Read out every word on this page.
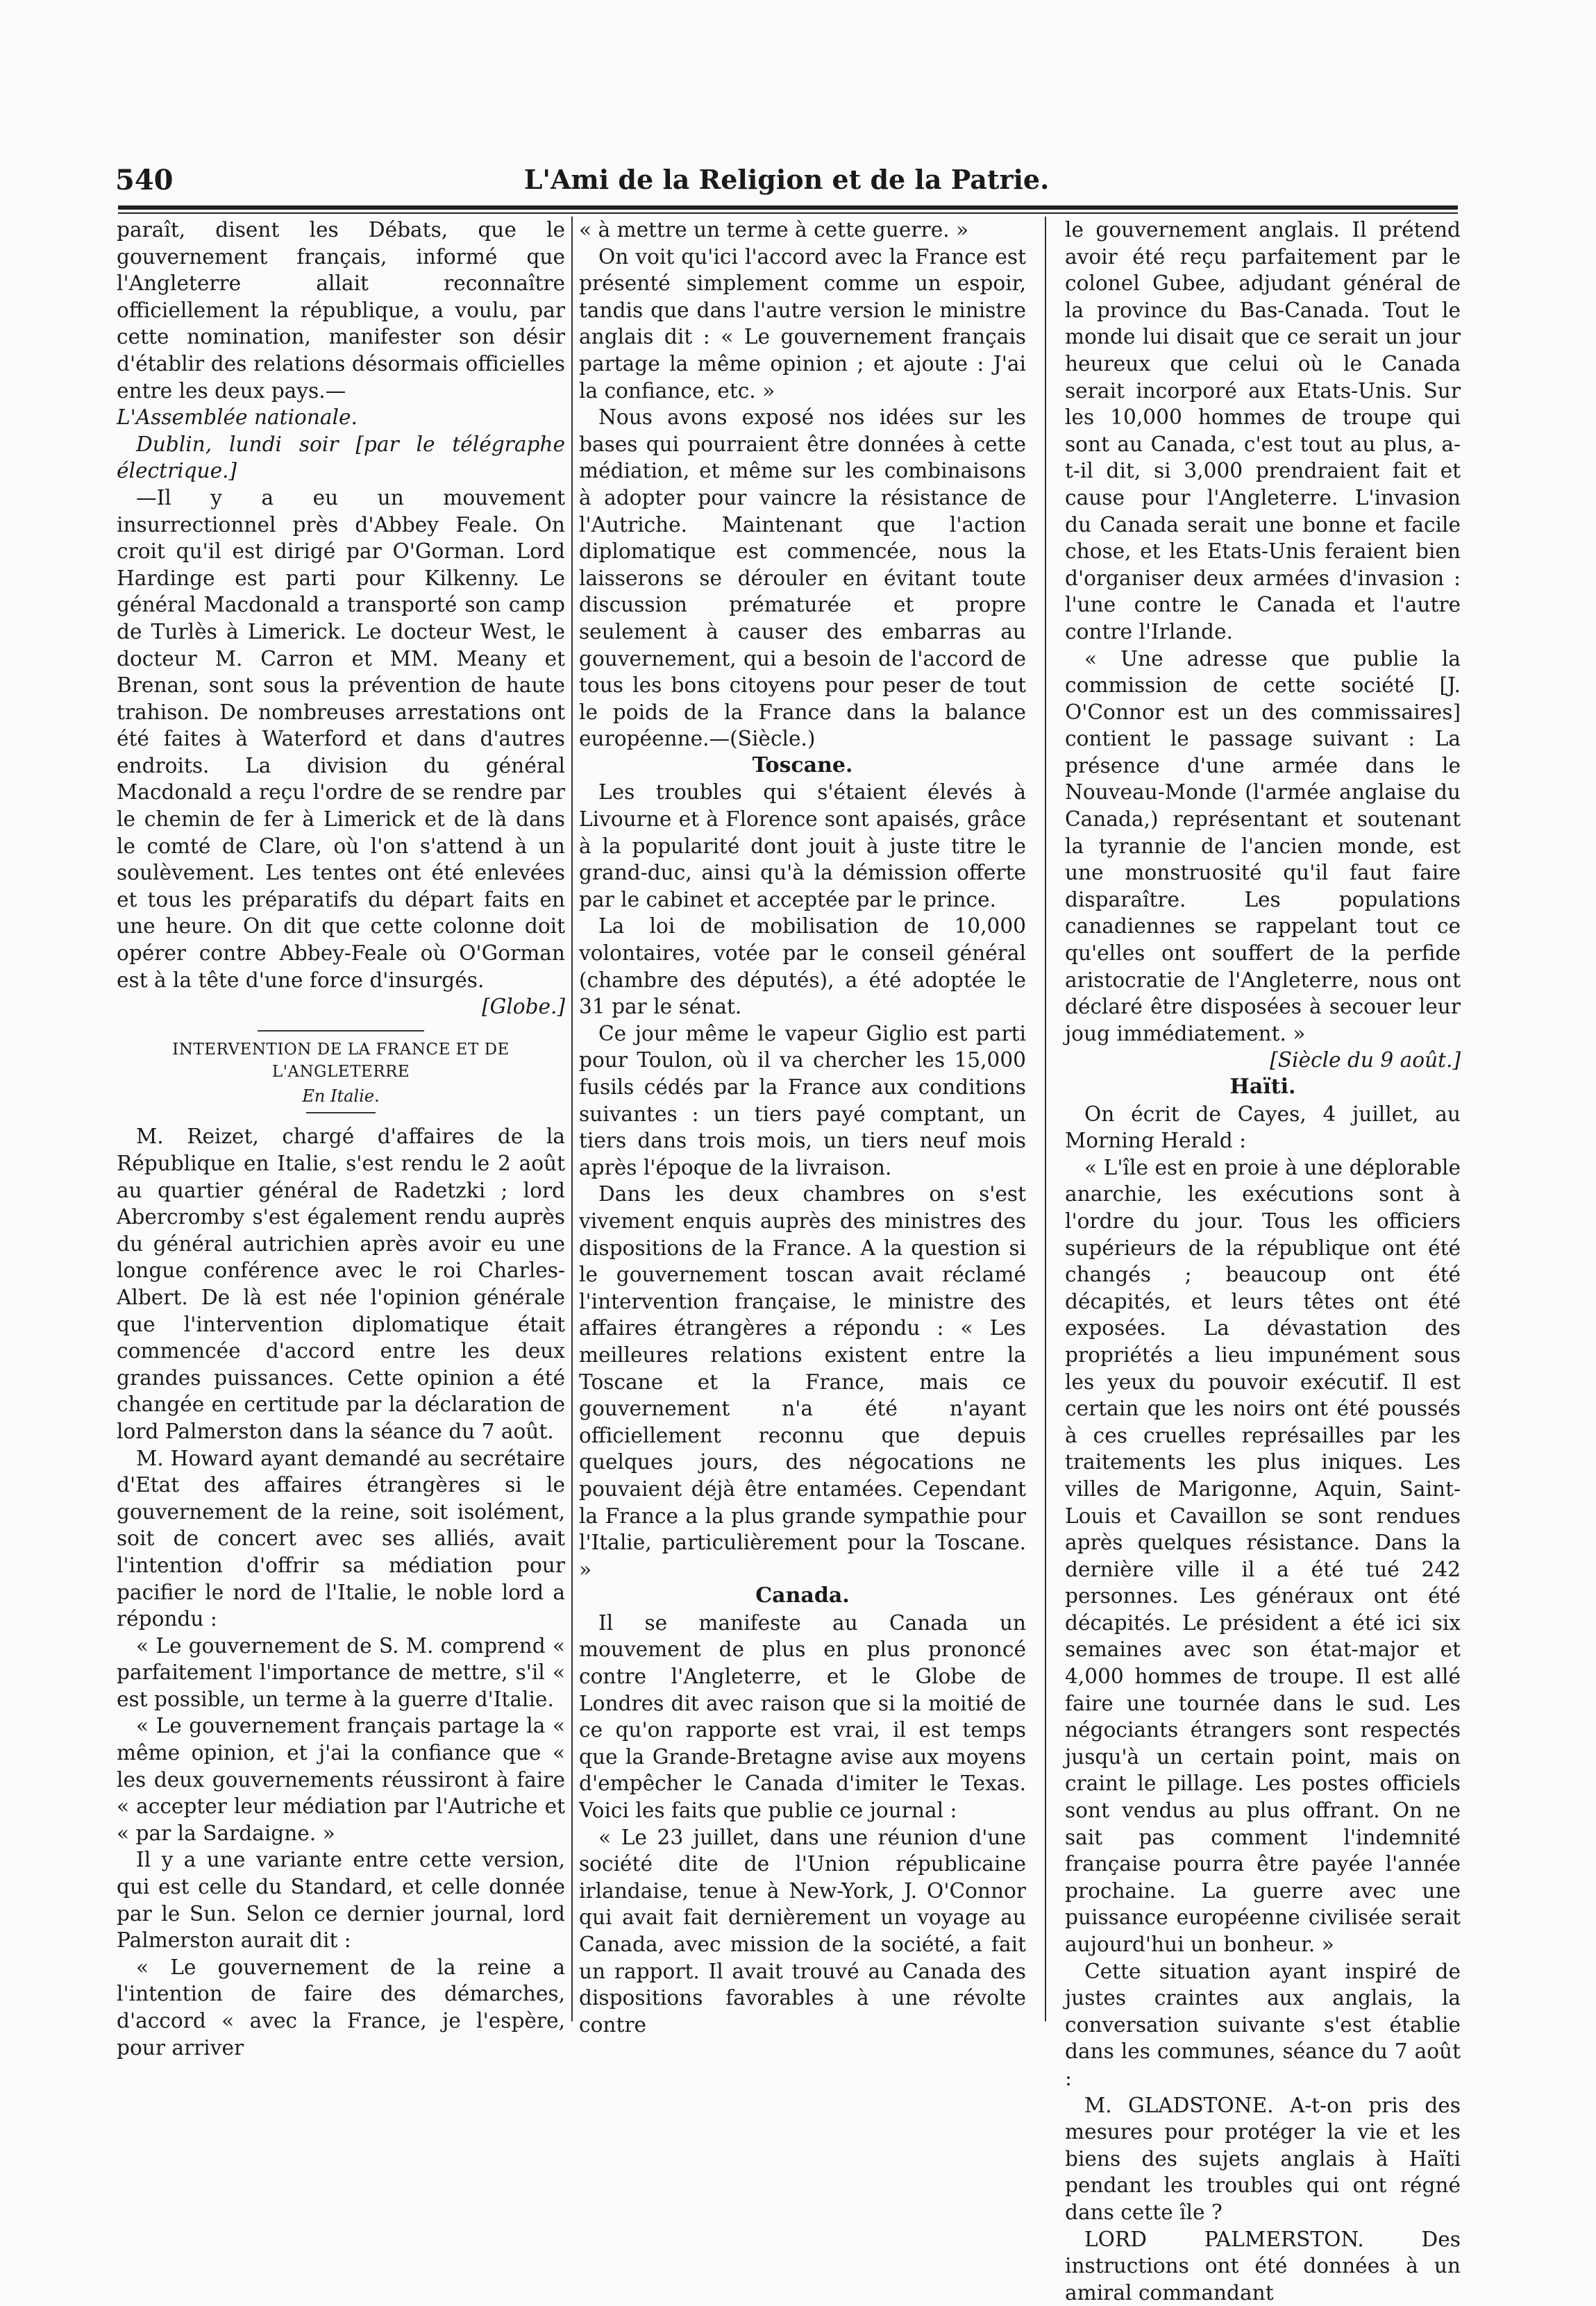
540	L'Ami de la Religion et de la Patrie.

paraît, disent les Débats, que le gouvernement français, informé que l'Angleterre allait reconnaître officiellement la république, a voulu, par cette nomination, manifester son désir d'établir des relations désormais officielles entre les deux pays.—

L'Assemblée nationale.

Dublin, lundi soir [par le télégraphe électrique.]

—Il y a eu un mouvement insurrectionnel près d'Abbey Feale. On croit qu'il est dirigé par O'Gorman. Lord Hardinge est parti pour Kilkenny. Le général Macdonald a transporté son camp de Turlès à Limerick. Le docteur West, le docteur M. Carron et MM. Meany et Brenan, sont sous la prévention de haute trahison. De nombreuses arrestations ont été faites à Waterford et dans d'autres endroits. La division du général Macdonald a reçu l'ordre de se rendre par le chemin de fer à Limerick et de là dans le comté de Clare, où l'on s'attend à un soulèvement. Les tentes ont été enlevées et tous les préparatifs du départ faits en une heure. On dit que cette colonne doit opérer contre Abbey-Feale où O'Gorman est à la tête d'une force d'insurgés.

[Globe.]

INTERVENTION DE LA FRANCE ET DE L'ANGLETERRE

En Italie.

M. Reizet, chargé d'affaires de la République en Italie, s'est rendu le 2 août au quartier général de Radetzki ; lord Abercromby s'est également rendu auprès du général autrichien après avoir eu une longue conférence avec le roi Charles-Albert. De là est née l'opinion générale que l'intervention diplomatique était commencée d'accord entre les deux grandes puissances. Cette opinion a été changée en certitude par la déclaration de lord Palmerston dans la séance du 7 août.

M. Howard ayant demandé au secrétaire d'Etat des affaires étrangères si le gouvernement de la reine, soit isolément, soit de concert avec ses alliés, avait l'intention d'offrir sa médiation pour pacifier le nord de l'Italie, le noble lord a répondu :

« Le gouvernement de S. M. comprend « parfaitement l'importance de mettre, s'il « est possible, un terme à la guerre d'Italie.

« Le gouvernement français partage la « même opinion, et j'ai la confiance que « les deux gouvernements réussiront à faire « accepter leur médiation par l'Autriche et « par la Sardaigne. »

Il y a une variante entre cette version, qui est celle du Standard, et celle donnée par le Sun. Selon ce dernier journal, lord Palmerston aurait dit :

« Le gouvernement de la reine a l'intention de faire des démarches, d'accord « avec la France, je l'espère, pour arriver

« à mettre un terme à cette guerre. »

On voit qu'ici l'accord avec la France est présenté simplement comme un espoir, tandis que dans l'autre version le ministre anglais dit : « Le gouvernement français partage la même opinion ; et ajoute : J'ai la confiance, etc. »

Nous avons exposé nos idées sur les bases qui pourraient être données à cette médiation, et même sur les combinaisons à adopter pour vaincre la résistance de l'Autriche. Maintenant que l'action diplomatique est commencée, nous la laisserons se dérouler en évitant toute discussion prématurée et propre seulement à causer des embarras au gouvernement, qui a besoin de l'accord de tous les bons citoyens pour peser de tout le poids de la France dans la balance européenne.—(Siècle.)

Toscane.

Les troubles qui s'étaient élevés à Livourne et à Florence sont apaisés, grâce à la popularité dont jouit à juste titre le grand-duc, ainsi qu'à la démission offerte par le cabinet et acceptée par le prince.

La loi de mobilisation de 10,000 volontaires, votée par le conseil général (chambre des députés), a été adoptée le 31 par le sénat.

Ce jour même le vapeur Giglio est parti pour Toulon, où il va chercher les 15,000 fusils cédés par la France aux conditions suivantes : un tiers payé comptant, un tiers dans trois mois, un tiers neuf mois après l'époque de la livraison.

Dans les deux chambres on s'est vivement enquis auprès des ministres des dispositions de la France. A la question si le gouvernement toscan avait réclamé l'intervention française, le ministre des affaires étrangères a répondu : « Les meilleures relations existent entre la Toscane et la France, mais ce gouvernement n'a été n'ayant officiellement reconnu que depuis quelques jours, des négocations ne pouvaient déjà être entamées. Cependant la France a la plus grande sympathie pour l'Italie, particulièrement pour la Toscane. »

Canada.

Il se manifeste au Canada un mouvement de plus en plus prononcé contre l'Angleterre, et le Globe de Londres dit avec raison que si la moitié de ce qu'on rapporte est vrai, il est temps que la Grande-Bretagne avise aux moyens d'empêcher le Canada d'imiter le Texas. Voici les faits que publie ce journal :

« Le 23 juillet, dans une réunion d'une société dite de l'Union républicaine irlandaise, tenue à New-York, J. O'Connor qui avait fait dernièrement un voyage au Canada, avec mission de la société, a fait un rapport. Il avait trouvé au Canada des dispositions favorables à une révolte contre

le gouvernement anglais. Il prétend avoir été reçu parfaitement par le colonel Gubee, adjudant général de la province du Bas-Canada. Tout le monde lui disait que ce serait un jour heureux que celui où le Canada serait incorporé aux Etats-Unis. Sur les 10,000 hommes de troupe qui sont au Canada, c'est tout au plus, a-t-il dit, si 3,000 prendraient fait et cause pour l'Angleterre. L'invasion du Canada serait une bonne et facile chose, et les Etats-Unis feraient bien d'organiser deux armées d'invasion : l'une contre le Canada et l'autre contre l'Irlande.

« Une adresse que publie la commission de cette société [J. O'Connor est un des commissaires] contient le passage suivant : La présence d'une armée dans le Nouveau-Monde (l'armée anglaise du Canada,) représentant et soutenant la tyrannie de l'ancien monde, est une monstruosité qu'il faut faire disparaître. Les populations canadiennes se rappelant tout ce qu'elles ont souffert de la perfide aristocratie de l'Angleterre, nous ont déclaré être disposées à secouer leur joug immédiatement. »

[Siècle du 9 août.]

Haïti.

On écrit de Cayes, 4 juillet, au Morning Herald :

« L'île est en proie à une déplorable anarchie, les exécutions sont à l'ordre du jour. Tous les officiers supérieurs de la république ont été changés ; beaucoup ont été décapités, et leurs têtes ont été exposées. La dévastation des propriétés a lieu impunément sous les yeux du pouvoir exécutif. Il est certain que les noirs ont été poussés à ces cruelles représailles par les traitements les plus iniques. Les villes de Marigonne, Aquin, Saint-Louis et Cavaillon se sont rendues après quelques résistance. Dans la dernière ville il a été tué 242 personnes. Les généraux ont été décapités. Le président a été ici six semaines avec son état-major et 4,000 hommes de troupe. Il est allé faire une tournée dans le sud. Les négociants étrangers sont respectés jusqu'à un certain point, mais on craint le pillage. Les postes officiels sont vendus au plus offrant. On ne sait pas comment l'indemnité française pourra être payée l'année prochaine. La guerre avec une puissance européenne civilisée serait aujourd'hui un bonheur. »

Cette situation ayant inspiré de justes craintes aux anglais, la conversation suivante s'est établie dans les communes, séance du 7 août :

M. GLADSTONE. A-t-on pris des mesures pour protéger la vie et les biens des sujets anglais à Haïti pendant les troubles qui ont régné dans cette île ?

LORD PALMERSTON. Des instructions ont été données à un amiral commandant
